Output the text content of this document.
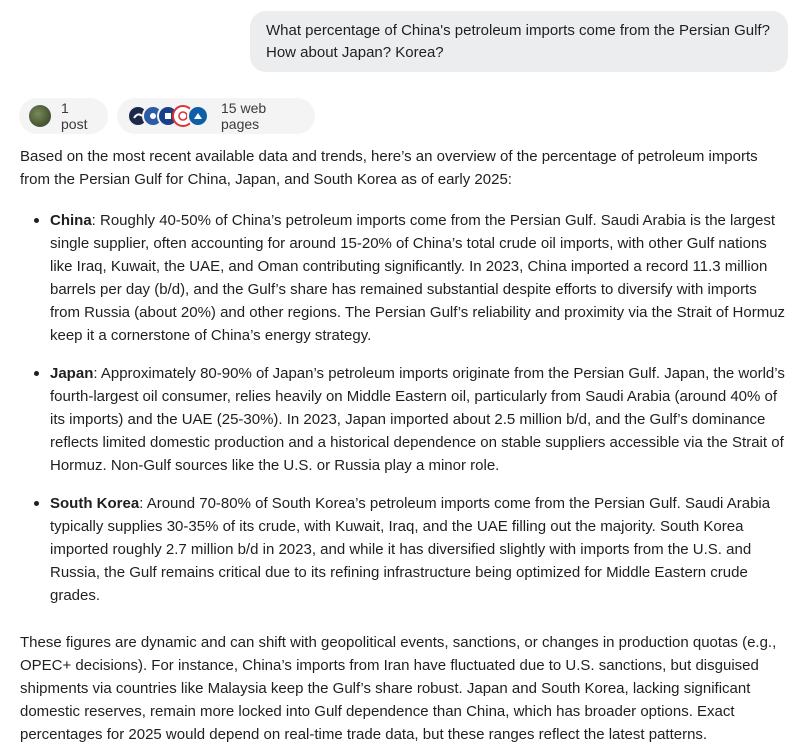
What percentage of China's petroleum imports come from the Persian Gulf? How about Japan? Korea?
1 post
15 web pages

Based on the most recent available data and trends, here’s an overview of the percentage of petroleum imports from the Persian Gulf for China, Japan, and South Korea as of early 2025:

China: Roughly 40-50% of China’s petroleum imports come from the Persian Gulf. Saudi Arabia is the largest single supplier, often accounting for around 15-20% of China’s total crude oil imports, with other Gulf nations like Iraq, Kuwait, the UAE, and Oman contributing significantly. In 2023, China imported a record 11.3 million barrels per day (b/d), and the Gulf’s share has remained substantial despite efforts to diversify with imports from Russia (about 20%) and other regions. The Persian Gulf’s reliability and proximity via the Strait of Hormuz keep it a cornerstone of China’s energy strategy.
Japan: Approximately 80-90% of Japan’s petroleum imports originate from the Persian Gulf. Japan, the world’s fourth-largest oil consumer, relies heavily on Middle Eastern oil, particularly from Saudi Arabia (around 40% of its imports) and the UAE (25-30%). In 2023, Japan imported about 2.5 million b/d, and the Gulf’s dominance reflects limited domestic production and a historical dependence on stable suppliers accessible via the Strait of Hormuz. Non-Gulf sources like the U.S. or Russia play a minor role.
South Korea: Around 70-80% of South Korea’s petroleum imports come from the Persian Gulf. Saudi Arabia typically supplies 30-35% of its crude, with Kuwait, Iraq, and the UAE filling out the majority. South Korea imported roughly 2.7 million b/d in 2023, and while it has diversified slightly with imports from the U.S. and Russia, the Gulf remains critical due to its refining infrastructure being optimized for Middle Eastern crude grades.

These figures are dynamic and can shift with geopolitical events, sanctions, or changes in production quotas (e.g., OPEC+ decisions). For instance, China’s imports from Iran have fluctuated due to U.S. sanctions, but disguised shipments via countries like Malaysia keep the Gulf’s share robust. Japan and South Korea, lacking significant domestic reserves, remain more locked into Gulf dependence than China, which has broader options. Exact percentages for 2025 would depend on real-time trade data, but these ranges reflect the latest patterns.
